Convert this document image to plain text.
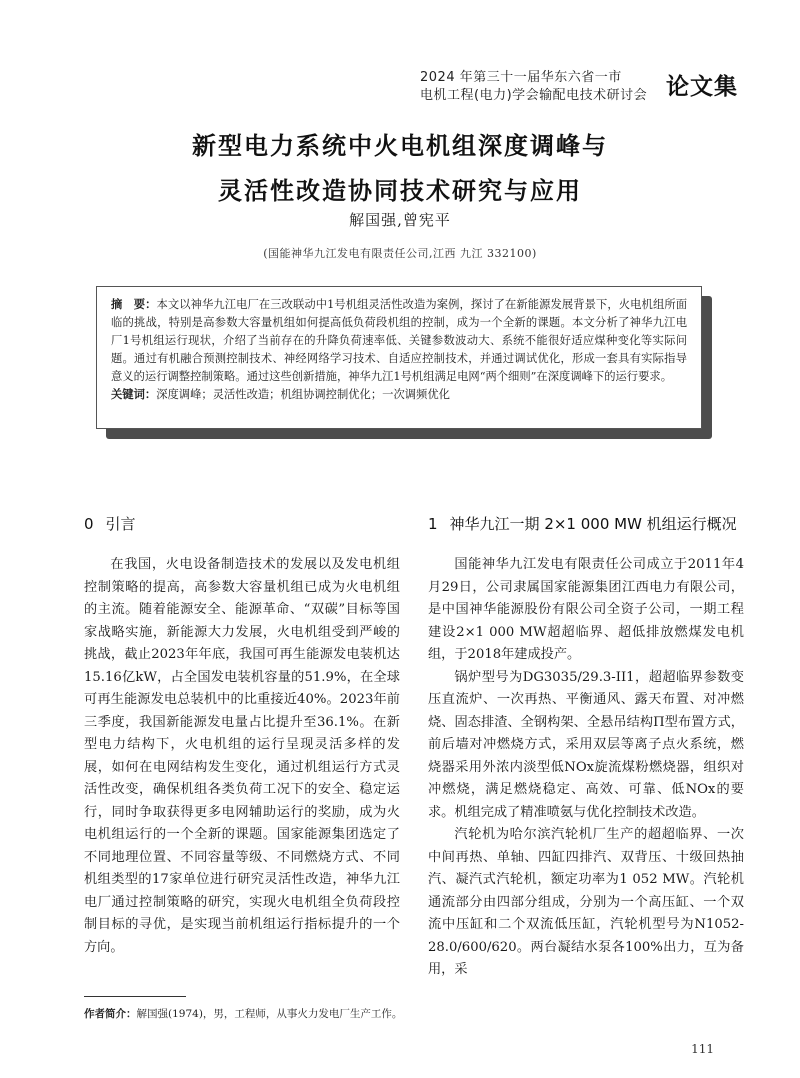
2024 年第三十一届华东六省一市
电机工程(电力)学会输配电技术研讨会 论文集
新型电力系统中火电机组深度调峰与
灵活性改造协同技术研究与应用
解国强,曾宪平
(国能神华九江发电有限责任公司,江西 九江 332100)

摘　要：本文以神华九江电厂在三改联动中1号机组灵活性改造为案例，探讨了在新能源发展背景下，火电机组所面临的挑战，特别是高参数大容量机组如何提高低负荷段机组的控制，成为一个全新的课题。本文分析了神华九江电厂1号机组运行现状，介绍了当前存在的升降负荷速率低、关键参数波动大、系统不能很好适应煤种变化等实际问题。通过有机融合预测控制技术、神经网络学习技术、自适应控制技术，并通过调试优化，形成一套具有实际指导意义的运行调整控制策略。通过这些创新措施，神华九江1号机组满足电网“两个细则”在深度调峰下的运行要求。

关键词：深度调峰；灵活性改造；机组协调控制优化；一次调频优化

0 引言	1 神华九江一期 2×1 000 MW 机组运行概况

在我国，火电设备制造技术的发展以及发电机组控制策略的提高，高参数大容量机组已成为火电机组的主流。随着能源安全、能源革命、“双碳”目标等国家战略实施，新能源大力发展，火电机组受到严峻的挑战，截止2023年年底，我国可再生能源发电装机达15.16亿kW，占全国发电装机容量的51.9%，在全球可再生能源发电总装机中的比重接近40%。2023年前三季度，我国新能源发电量占比提升至36.1%。在新型电力结构下，火电机组的运行呈现灵活多样的发展，如何在电网结构发生变化，通过机组运行方式灵活性改变，确保机组各类负荷工况下的安全、稳定运行，同时争取获得更多电网辅助运行的奖励，成为火电机组运行的一个全新的课题。国家能源集团选定了不同地理位置、不同容量等级、不同燃烧方式、不同机组类型的17家单位进行研究灵活性改造，神华九江电厂通过控制策略的研究，实现火电机组全负荷段控制目标的寻优，是实现当前机组运行指标提升的一个方向。

国能神华九江发电有限责任公司成立于2011年4月29日，公司隶属国家能源集团江西电力有限公司，是中国神华能源股份有限公司全资子公司，一期工程建设2×1 000 MW超超临界、超低排放燃煤发电机组，于2018年建成投产。

锅炉型号为DG3035/29.3-II1，超超临界参数变压直流炉、一次再热、平衡通风、露天布置、对冲燃烧、固态排渣、全钢构架、全悬吊结构Π型布置方式，前后墙对冲燃烧方式，采用双层等离子点火系统，燃烧器采用外浓内淡型低NOx旋流煤粉燃烧器，组织对冲燃烧，满足燃烧稳定、高效、可靠、低NOx的要求。机组完成了精准喷氨与优化控制技术改造。

汽轮机为哈尔滨汽轮机厂生产的超超临界、一次中间再热、单轴、四缸四排汽、双背压、十级回热抽汽、凝汽式汽轮机，额定功率为1 052 MW。汽轮机通流部分由四部分组成，分别为一个高压缸、一个双流中压缸和二个双流低压缸，汽轮机型号为N1052-28.0/600/620。两台凝结水泵各100%出力，互为备用，采

作者简介：解国强(1974)，男，工程师，从事火力发电厂生产工作。
111
